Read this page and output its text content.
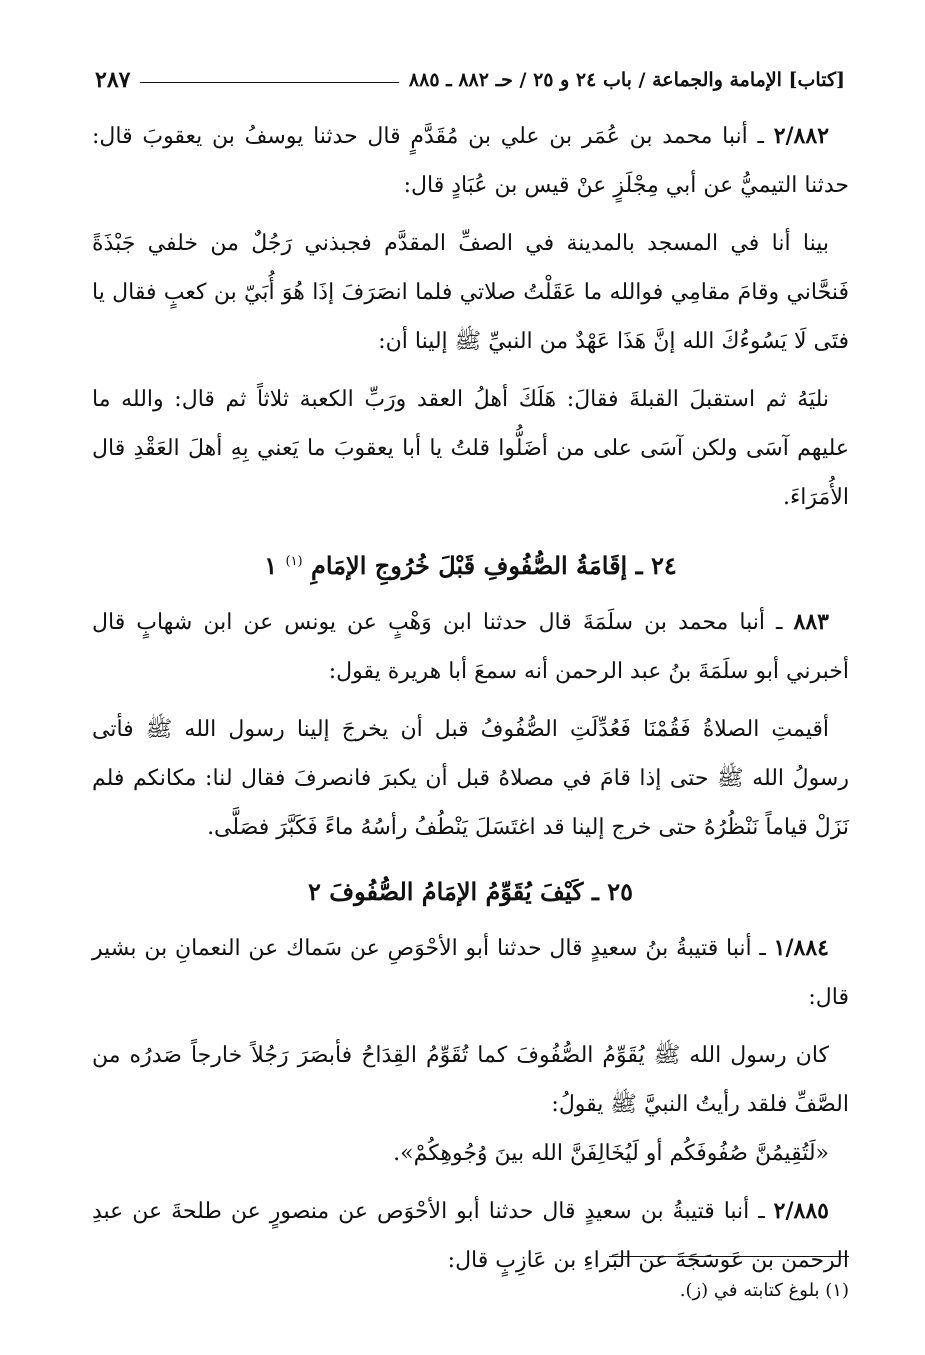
[كتاب] الإمامة والجماعة / باب ٢٤ و ٢٥ / حـ ٨٨٢ ـ ٨٨٥
٢٨٧

٢/٨٨٢ ـ أنبا محمد بن عُمَر بن علي بن مُقَدَّمٍ قال حدثنا يوسفُ بن يعقوبَ قال: حدثنا التيميُّ عن أبي مِجْلَزٍ عنْ قيس بن عُبَادٍ قال:

بينا أنا في المسجد بالمدينة في الصفِّ المقدَّم فجبذني رَجُلٌ من خلفي جَبْذَةً فَنحَّاني وقامَ مقامِي فوالله ما عَقَلْتُ صلاتي فلما انصَرَفَ إذَا هُوَ أُبَيّ بن كعبٍ فقال يا فتَى لَا يَسُوءُكَ الله إنَّ هَذَا عَهْدٌ من النبيِّ ﷺ إلينا أن:

نليَهُ ثم استقبلَ القبلةَ فقالَ: هَلَكَ أهلُ العقد ورَبِّ الكعبة ثلاثاً ثم قال: والله ما عليهم آسَى ولكن آسَى على من أضَلُّوا قلتُ يا أبا يعقوبَ ما يَعني بِهِ أهلَ العَقْدِ قال الأُمَرَاءَ.

٢٤ ـ إقَامَةُ الصُّفُوفِ قَبْلَ خُرُوجِ الإمَامِ $^{(١)}$ ١

٨٨٣ ـ أنبا محمد بن سلَمَةَ قال حدثنا ابن وَهْبٍ عن يونس عن ابن شهابٍ قال أخبرني أبو سلَمَةَ بنُ عبد الرحمن أنه سمعَ أبا هريرة يقول:

أقيمتِ الصلاةُ فَقُمْنَا فَعُدِّلَتِ الصُّفُوفُ قبل أن يخرجَ إلينا رسول الله ﷺ فأتى رسولُ الله ﷺ حتى إذا قامَ في مصلاهُ قبل أن يكبرَ فانصرفَ فقال لنا: مكانكم فلم نَزَلْ قياماً نَنْظُرُهُ حتى خرج إلينا قد اغتَسَلَ يَنْطُفُ رأسُهُ ماءً فَكَبَّرَ فصَلَّى.

٢٥ ـ كَيْفَ يُقَوِّمُ الإمَامُ الصُّفُوفَ ٢

١/٨٨٤ ـ أنبا قتيبةُ بنُ سعيدٍ قال حدثنا أبو الأحْوَصِ عن سَماك عن النعمانِ بن بشير قال:

كان رسول الله ﷺ يُقَوِّمُ الصُّفُوفَ كما تُقَوِّمُ القِدَاحُ فأبصَرَ رَجُلاً خارجاً صَدرُه من الصَّفِّ فلقد رأيتُ النبيَّ ﷺ يقولُ:

«لَتُقِيمُنَّ صُفُوفَكُم أو لَيُخَالِفَنَّ الله بينَ وُجُوهِكُمْ».

٢/٨٨٥ ـ أنبا قتيبةُ بن سعيدٍ قال حدثنا أبو الأحْوَص عن منصورٍ عن طلحةَ عن عبدِ الرحمن بن عَوسَجَةَ عن البَراءِ بن عَازِبٍ قال:

(١) بلوغ كتابته في (ز).
